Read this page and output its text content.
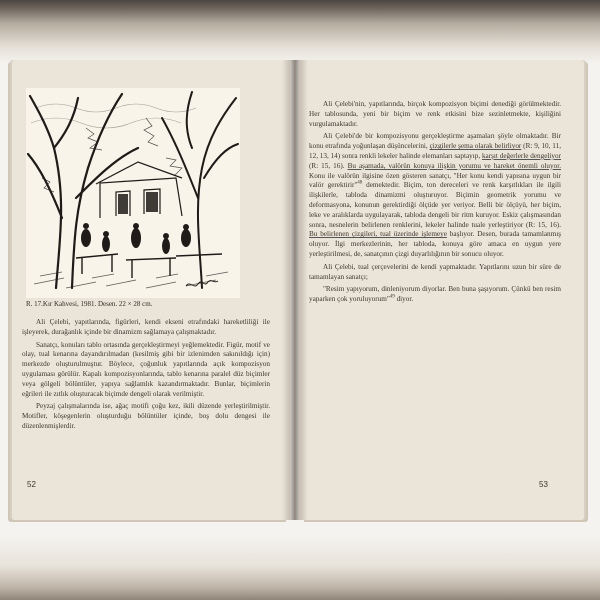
R. 17.Kır Kahvesi, 1981. Desen. 22 × 28 cm.

Ali Çelebi, yapıtlarında, figürleri, kendi ekseni etrafındaki hareketliliği ile işleyerek, durağanlık içinde bir dinamizm sağlamaya çalışmaktadır.

Sanatçı, konuları tablo ortasında gerçekleştirmeyi yeğlemektedir. Figür, motif ve olay, tual kenarına dayandırılmadan (kesilmiş gibi bir izlenimden sakınıldığı için) merkezde oluşturulmuştur. Böylece, çoğunluk yapıtlarında açık kompozisyon uygulaması görülür. Kapalı kompozisyonlarında, tablo kenarına paralel düz biçimler veya gölgeli bölüntüler, yapıya sağlamlık kazandırmaktadır. Bunlar, biçimlerin eğrileri ile zıtlık oluşturacak biçimde dengeli olarak verilmiştir.

Peyzaj çalışmalarında ise, ağaç motifi çoğu kez, ikili düzende yerleştirilmiştir. Motifler, köşegenlerin oluşturduğu bölüntüler içinde, boş dolu dengesi ile düzenlenmişlerdir.

Ali Çelebi'nin, yapıtlarında, birçok kompozisyon biçimi denediği görülmektedir. Her tablosunda, yeni bir biçim ve renk etkisini bize sezinletmekte, kişiliğini vurgulamaktadır.

Ali Çelebi'de bir kompozisyonu gerçekleştirme aşamaları şöyle olmaktadır. Bir konu etrafında yoğunlaşan düşüncelerini, çizgilerle şema olarak belirliyor (R: 9, 10, 11, 12, 13, 14) sonra renkli lekeler halinde elemanları saptayıp, karşıt değerlerle dengeliyor (R: 15, 16). Bu aşamada, valörün konuya ilişkin yorumu ve hareket önemli oluyor. Konu ile valörün ilgisine özen gösteren sanatçı, "Her konu kendi yapısına uygun bir valör gerektirir"$^{48}$ demektedir. Biçim, ton dereceleri ve renk karşıtlıkları ile ilgili ilişkilerle, tabloda dinamizmi oluşturuyor. Biçimin geometrik yorumu ve deformasyona, konunun gerektirdiği ölçüde yer veriyor. Belli bir ölçüyü, her biçim, leke ve aralıklarda uygulayarak, tabloda dengeli bir ritm kuruyor. Eskiz çalışmasından sonra, nesnelerin belirlenen renklerini, lekeler halinde tuale yerleştiriyor (R: 15, 16). Bu belirlenen çizgileri, tual üzerinde işlemeye başlıyor. Desen, burada tamamlanmış oluyor. İlgi merkezlerinin, her tabloda, konuya göre amaca en uygun yere yerleştirilmesi, de, sanatçının çizgi duyarlılığının bir sonucu oluyor.

Ali Çelebi, tual çerçevelerini de kendi yapmaktadır. Yapıtlarını uzun bir süre de tamamlayan sanatçı;

"Resim yapıyorum, dinleniyorum diyorlar. Ben buna şaşıyorum. Çünkü ben resim yaparken çok yoruluyorum"$^{49}$ diyor.

52	53
